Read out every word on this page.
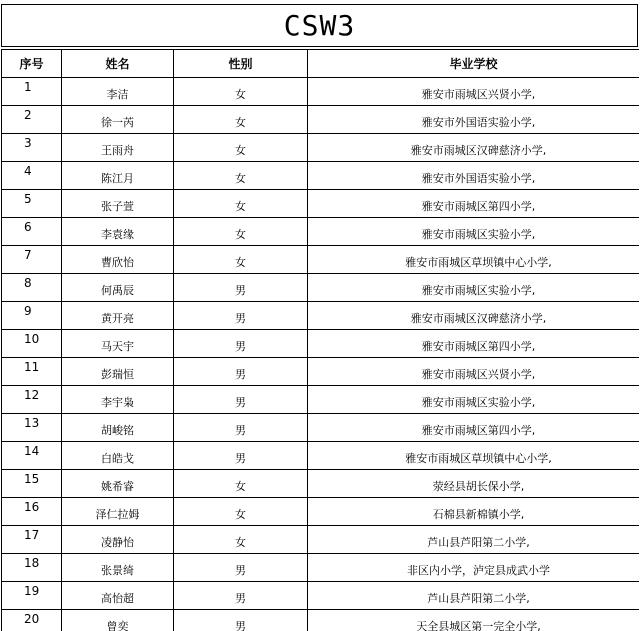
CSW3
序号	姓名	性别	毕业学校
1	李洁	女	雅安市雨城区兴贤小学,
2	徐一芮	女	雅安市外国语实验小学,
3	王雨舟	女	雅安市雨城区汉碑慈济小学,
4	陈江月	女	雅安市外国语实验小学,
5	张子萱	女	雅安市雨城区第四小学,
6	李袁缘	女	雅安市雨城区实验小学,
7	曹欣怡	女	雅安市雨城区草坝镇中心小学,
8	何禹辰	男	雅安市雨城区实验小学,
9	黄开亮	男	雅安市雨城区汉碑慈济小学,
10	马天宇	男	雅安市雨城区第四小学,
11	彭瑞恒	男	雅安市雨城区兴贤小学,
12	李宇枭	男	雅安市雨城区实验小学,
13	胡峻铭	男	雅安市雨城区第四小学,
14	白皓戈	男	雅安市雨城区草坝镇中心小学,
15	姚希睿	女	荥经县胡长保小学,
16	泽仁拉姆	女	石棉县新棉镇小学,
17	凌静怡	女	芦山县芦阳第二小学,
18	张景绮	男	非区内小学，泸定县成武小学
19	高怡超	男	芦山县芦阳第二小学,
20	曾奕	男	天全县城区第一完全小学,
